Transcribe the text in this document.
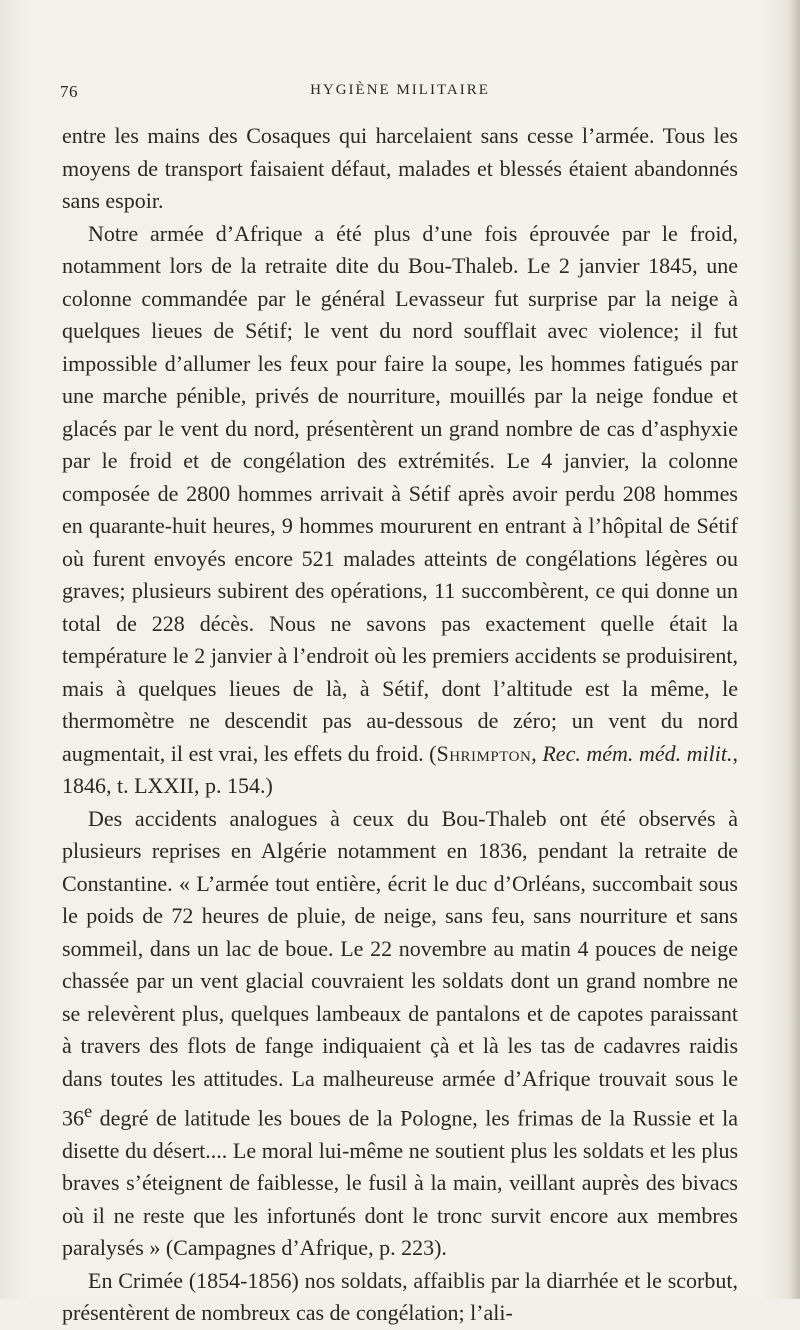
76	HYGIÈNE MILITAIRE

entre les mains des Cosaques qui harcelaient sans cesse l’armée. Tous les moyens de transport faisaient défaut, malades et blessés étaient abandonnés sans espoir.

Notre armée d’Afrique a été plus d’une fois éprouvée par le froid, notamment lors de la retraite dite du Bou-Thaleb. Le 2 janvier 1845, une colonne commandée par le général Levasseur fut surprise par la neige à quelques lieues de Sétif; le vent du nord soufflait avec violence; il fut impossible d’allumer les feux pour faire la soupe, les hommes fatigués par une marche pénible, privés de nourriture, mouillés par la neige fondue et glacés par le vent du nord, présentèrent un grand nombre de cas d’asphyxie par le froid et de congélation des extrémités. Le 4 janvier, la colonne composée de 2800 hommes arrivait à Sétif après avoir perdu 208 hommes en quarante-huit heures, 9 hommes moururent en entrant à l’hôpital de Sétif où furent envoyés encore 521 malades atteints de congélations légères ou graves; plusieurs subirent des opérations, 11 succombèrent, ce qui donne un total de 228 décès. Nous ne savons pas exactement quelle était la température le 2 janvier à l’endroit où les premiers accidents se produisirent, mais à quelques lieues de là, à Sétif, dont l’altitude est la même, le thermomètre ne descendit pas au-dessous de zéro; un vent du nord augmentait, il est vrai, les effets du froid. (Shrimpton, Rec. mém. méd. milit., 1846, t. LXXII, p. 154.)

Des accidents analogues à ceux du Bou-Thaleb ont été observés à plusieurs reprises en Algérie notamment en 1836, pendant la retraite de Constantine. « L’armée tout entière, écrit le duc d’Orléans, succombait sous le poids de 72 heures de pluie, de neige, sans feu, sans nourriture et sans sommeil, dans un lac de boue. Le 22 novembre au matin 4 pouces de neige chassée par un vent glacial couvraient les soldats dont un grand nombre ne se relevèrent plus, quelques lambeaux de pantalons et de capotes paraissant à travers des flots de fange indiquaient çà et là les tas de cadavres raidis dans toutes les attitudes. La malheureuse armée d’Afrique trouvait sous le 36e degré de latitude les boues de la Pologne, les frimas de la Russie et la disette du désert.... Le moral lui-même ne soutient plus les soldats et les plus braves s’éteignent de faiblesse, le fusil à la main, veillant auprès des bivacs où il ne reste que les infortunés dont le tronc survit encore aux membres paralysés » (Campagnes d’Afrique, p. 223).

En Crimée (1854-1856) nos soldats, affaiblis par la diarrhée et le scorbut, présentèrent de nombreux cas de congélation; l’ali-
